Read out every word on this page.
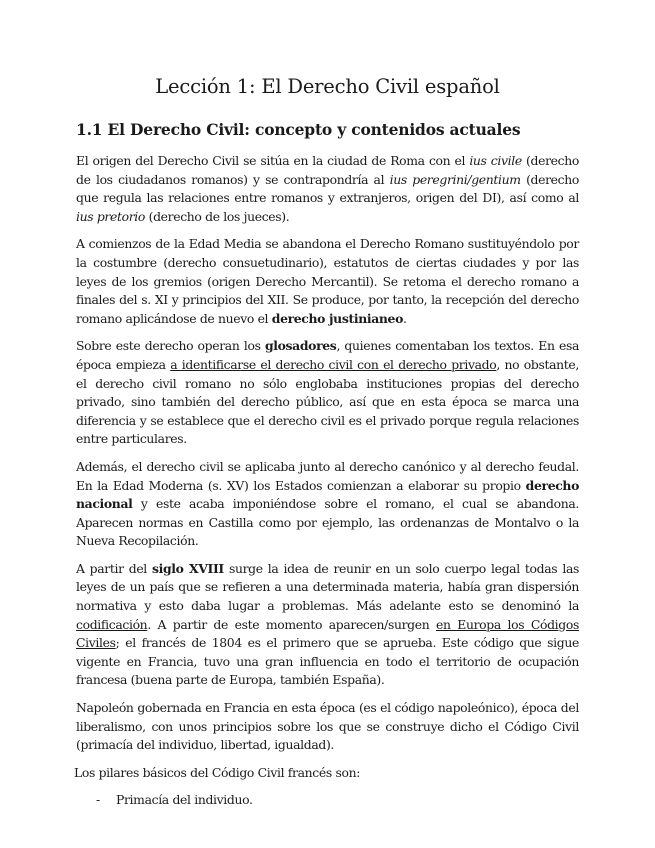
Lección 1: El Derecho Civil español
1.1 El Derecho Civil: concepto y contenidos actuales

El origen del Derecho Civil se sitúa en la ciudad de Roma con el ius civile (derecho de los ciudadanos romanos) y se contrapondría al ius peregrini/gentium (derecho que regula las relaciones entre romanos y extranjeros, origen del DI), así como al ius pretorio (derecho de los jueces).

A comienzos de la Edad Media se abandona el Derecho Romano sustituyéndolo por la costumbre (derecho consuetudinario), estatutos de ciertas ciudades y por las leyes de los gremios (origen Derecho Mercantil). Se retoma el derecho romano a finales del s. XI y principios del XII. Se produce, por tanto, la recepción del derecho romano aplicándose de nuevo el derecho justinianeo.

Sobre este derecho operan los glosadores, quienes comentaban los textos. En esa época empieza a identificarse el derecho civil con el derecho privado, no obstante, el derecho civil romano no sólo englobaba instituciones propias del derecho privado, sino también del derecho público, así que en esta época se marca una diferencia y se establece que el derecho civil es el privado porque regula relaciones entre particulares.

Además, el derecho civil se aplicaba junto al derecho canónico y al derecho feudal. En la Edad Moderna (s. XV) los Estados comienzan a elaborar su propio derecho nacional y este acaba imponiéndose sobre el romano, el cual se abandona. Aparecen normas en Castilla como por ejemplo, las ordenanzas de Montalvo o la Nueva Recopilación.

A partir del siglo XVIII surge la idea de reunir en un solo cuerpo legal todas las leyes de un país que se refieren a una determinada materia, había gran dispersión normativa y esto daba lugar a problemas. Más adelante esto se denominó la codificación. A partir de este momento aparecen/surgen en Europa los Códigos Civiles; el francés de 1804 es el primero que se aprueba. Este código que sigue vigente en Francia, tuvo una gran influencia en todo el territorio de ocupación francesa (buena parte de Europa, también España).

Napoleón gobernada en Francia en esta época (es el código napoleónico), época del liberalismo, con unos principios sobre los que se construye dicho el Código Civil (primacía del individuo, libertad, igualdad).

Los pilares básicos del Código Civil francés son:

- Primacía del individuo.
